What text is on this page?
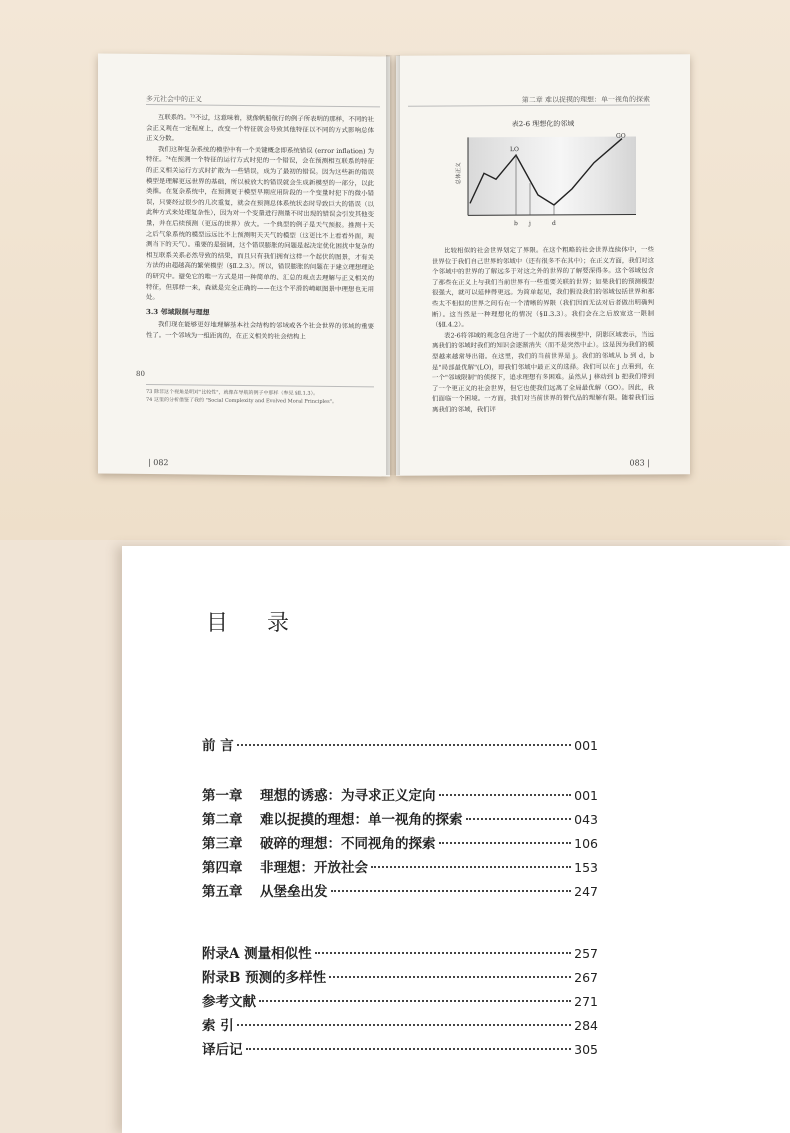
多元社会中的正义

互联系的。⁷³不过，这意味着，就像帆船航行的例子所表明的那样，不同的社会正义观在一定程度上，改变一个特征就会导致其他特征以不同的方式影响总体正义分数。

我们这种复杂系统的模型中有一个关键概念即系统错误 (error inflation) 为特征。⁷⁴在预测一个特征的运行方式时犯的一个错误，会在预测相互联系的特征的正义相关运行方式时扩散为一些错误，成为了最初的错误。因为这些新的错误模型是理解更远世界的基础，所以被放大的错误就会生成新模型的一部分，以此类推。在复杂系统中，在预测更于模型早期应用阶段的一个变量时犯下的微小错误，只要经过很少的几次重复，就会在预测总体系统状态时导致巨大的错误（以此种方式来处理复杂性），因为对一个变量进行测量不时出现的错误会引发其他变量，并在后续预测（更远的世界）放大。一个典型的例子是天气预报。推测十天之后气象系统的模型远远比不上预测明天天气的模型（这更比不上看看外面，观测当下的天气）。重要的是强调，这个错误膨胀的问题是起决定优化困扰中复杂的相互联系关系必然导致的结果，而且只有我们拥有这样一个起伏的图景，才有关方法的由超越高的繁荣模型（§Ⅱ.2.3）。所以，错误膨胀的问题在于建立理想理论的研究中。避免它的唯一方式是用一种简单的、汇总的观点去理解与正义相关的特征，但那样一来，森就是完全正确的——在这个平滑的崎岖图景中理想也无用处。

3.3 邻域限制与理想

我们现在能够更好地理解基本社会结构的邻域或各个社会世界的邻域的重要性了。一个邻域为一组距离的，在正义相关的社会结构上

80
73 除非这个视角是明对"比较性"，就像在导航的例子中那样（参见 §Ⅱ.1.3）。
74 这里的分析借鉴了我的 "Social Complexity and Evolved Moral Principles"。
| 082
第二章 难以捉摸的理想：单一视角的探索
表2-6 理想化的邻域
总体正义
GO
LO
b j	d

比较相似的社会世界划定了界限。在这个粗略的社会世界连续体中，一些世界位于我们自己世界的邻域中（还有很多不在其中）；在正义方面，我们对这个邻域中的世界的了解远多于对这之外的世界的了解要深得多。这个邻域包含了那些在正义上与我们当前世界有一些重要关联的世界；如果我们的预测模型很强大，就可以延伸得更远。为简单起见，我们假设我们的邻域包括世界和那些太不相似的世界之间有在一个清晰的界限（我们因而无法对后者做出明确判断）。这当然是一种理想化的情况（§Ⅱ.3.3）。我们会在之后放宽这一限制（§Ⅱ.4.2）。

表2-6将邻域的观念包含进了一个起伏的图表模型中，阴影区域表示，当远离我们的邻域时我们的知识会逐渐消失（而不是突然中止）。这是因为我们的模型越来越常导出错。在这里，我们的当前世界是 j。我们的邻域从 b 到 d，b是"局部最优解"(LO)，即我们邻域中最正义的选择。我们可以在 j 点看到，在一个"邻域限制"的侦探下，追求理想有多困难。虽然从 j 移动到 b 把我们带到了一个更正义的社会世界，但它也使我们远离了全局最优解（GO）。因此，我们面临一个困境。一方面，我们对当前世界的替代品的理解有限。随着我们远离我们的邻域，我们评

083 |
目 录
前 言	001
第一章 理想的诱惑：为寻求正义定向	001
第二章 难以捉摸的理想：单一视角的探索	043
第三章 破碎的理想：不同视角的探索	106
第四章 非理想：开放社会	153
第五章 从堡垒出发	247
附录A 测量相似性	257
附录B 预测的多样性	267
参考文献	271
索 引	284
译后记	305
